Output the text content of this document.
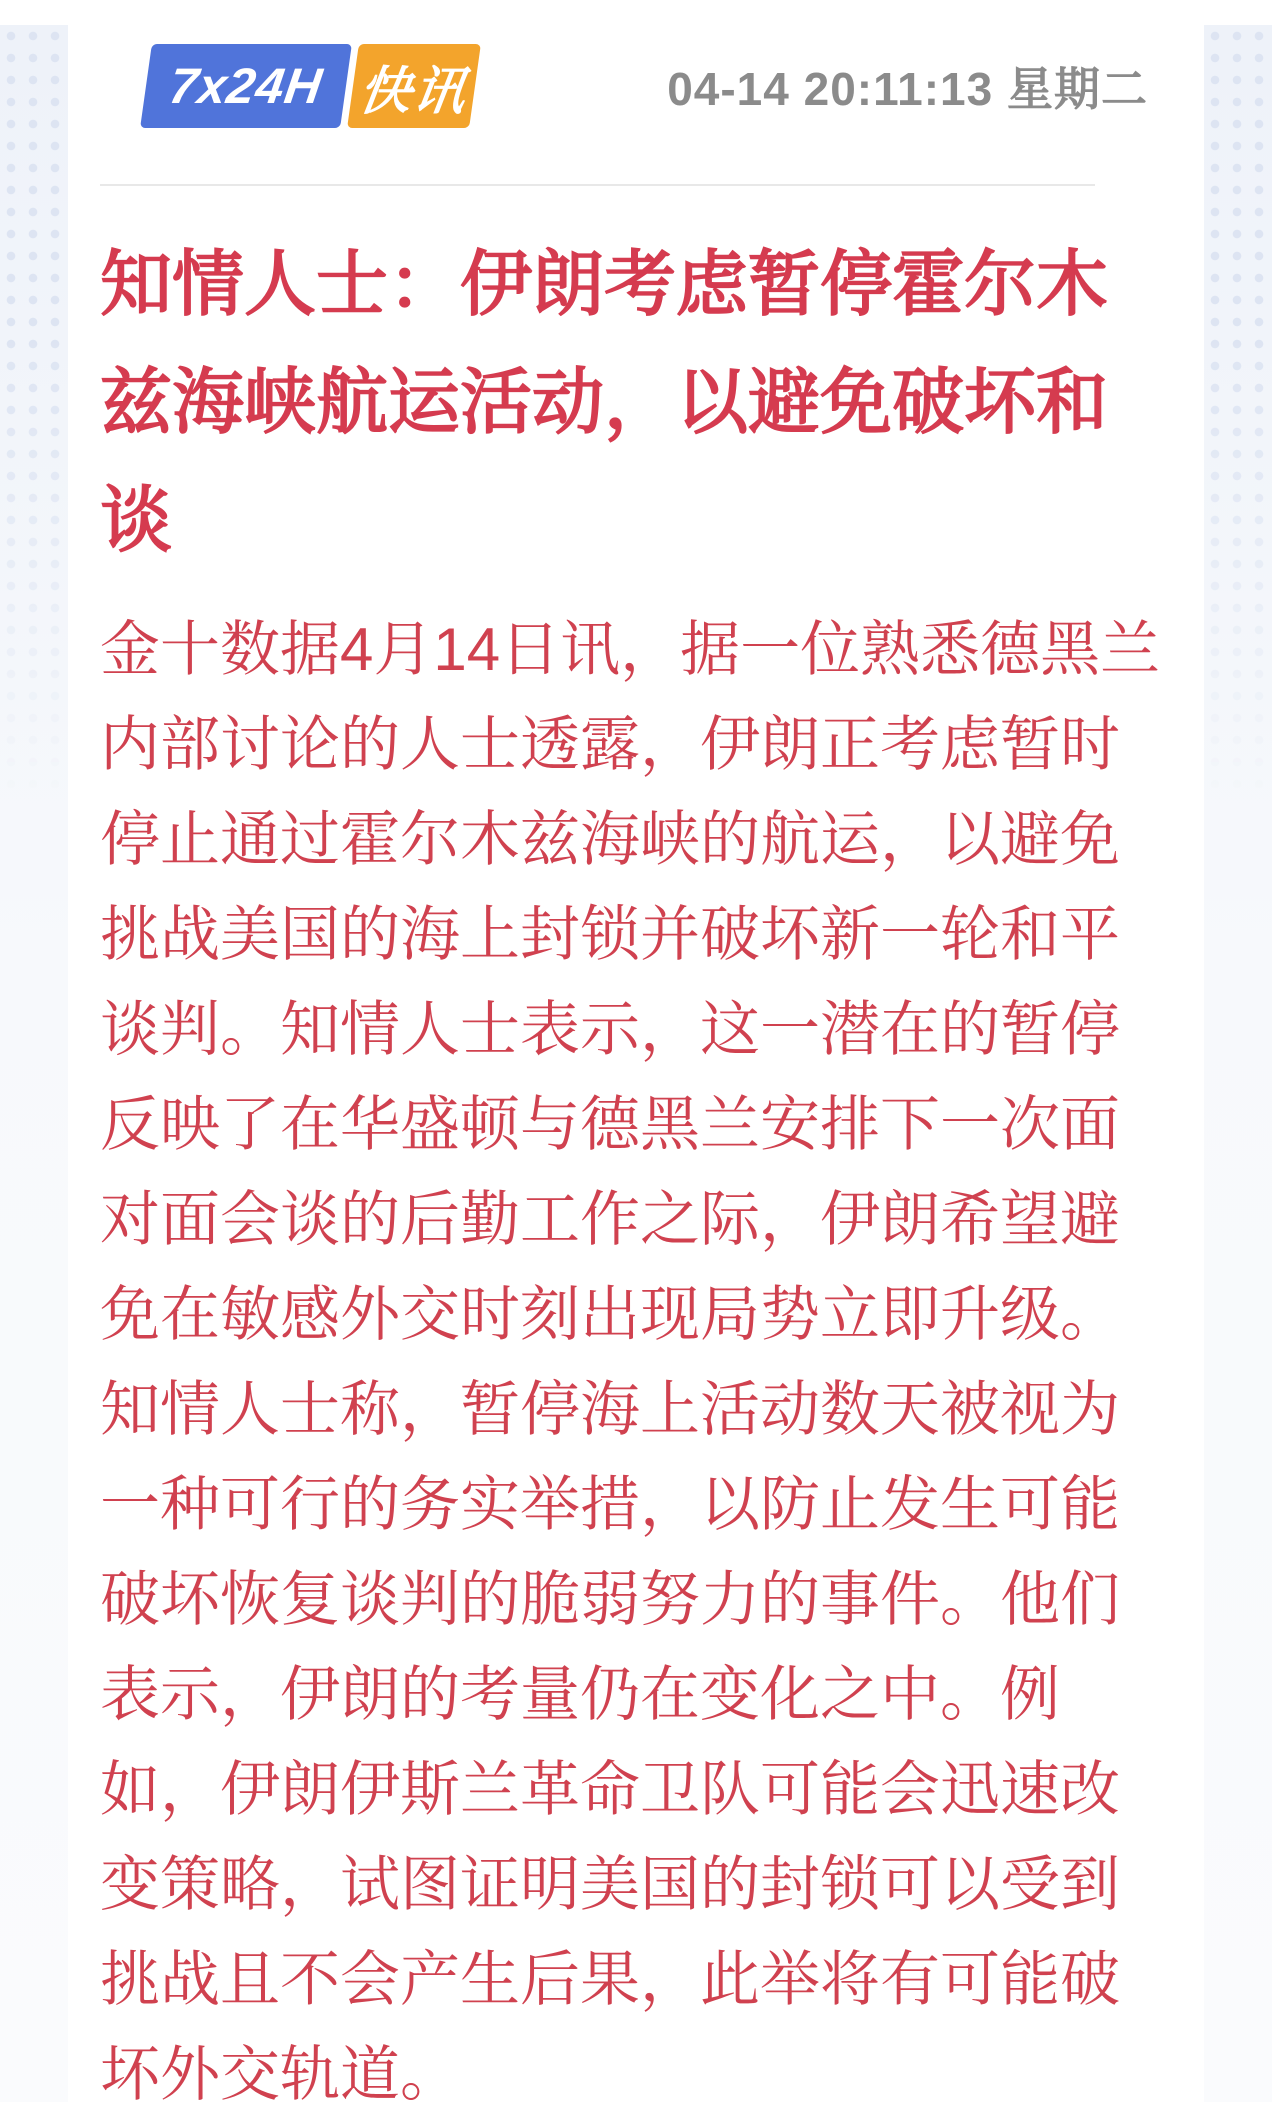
7x24H 快讯	04-14 20:11:13 星期二
知情人士：伊朗考虑暂停霍尔木兹海峡航运活动，以避免破坏和谈

金十数据4月14日讯，据一位熟悉德黑兰内部讨论的人士透露，伊朗正考虑暂时停止通过霍尔木兹海峡的航运，以避免挑战美国的海上封锁并破坏新一轮和平谈判。知情人士表示，这一潜在的暂停反映了在华盛顿与德黑兰安排下一次面对面会谈的后勤工作之际，伊朗希望避免在敏感外交时刻出现局势立即升级。知情人士称，暂停海上活动数天被视为一种可行的务实举措，以防止发生可能破坏恢复谈判的脆弱努力的事件。他们表示，伊朗的考量仍在变化之中。例如，伊朗伊斯兰革命卫队可能会迅速改变策略，试图证明美国的封锁可以受到挑战且不会产生后果，此举将有可能破坏外交轨道。
